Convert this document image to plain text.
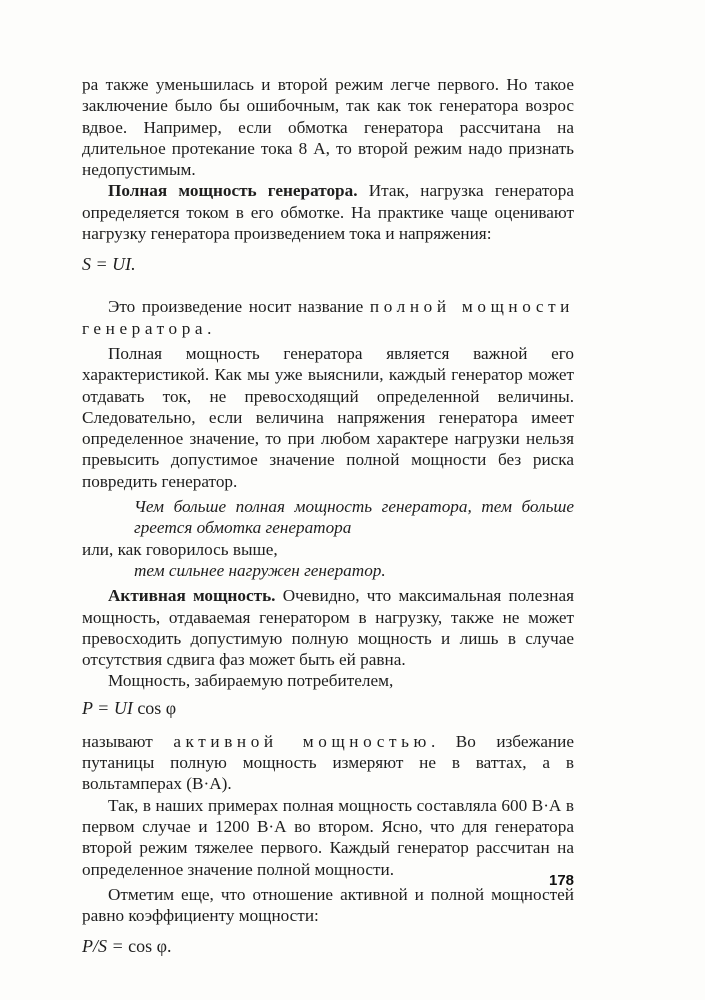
ра также уменьшилась и второй режим легче первого. Но такое заключение было бы ошибочным, так как ток генератора возрос вдвое. Например, если обмотка генератора рассчитана на длительное протекание тока 8 А, то второй режим надо признать недопустимым.

Полная мощность генератора. Итак, нагрузка генератора определяется током в его обмотке. На практике чаще оценивают нагрузку генератора произведением тока и напряжения:

S = UI.

Это произведение носит название полной мощности генератора.

Полная мощность генератора является важной его характеристикой. Как мы уже выяснили, каждый генератор может отдавать ток, не превосходящий определенной величины. Следовательно, если величина напряжения генератора имеет определенное значение, то при любом характере нагрузки нельзя превысить допустимое значение полной мощности без риска повредить генератор.

Чем больше полная мощность генератора, тем больше греется обмотка генератора

или, как говорилось выше,

тем сильнее нагружен генератор.

Активная мощность. Очевидно, что максимальная полезная мощность, отдаваемая генератором в нагрузку, также не может превосходить допустимую полную мощность и лишь в случае отсутствия сдвига фаз может быть ей равна.

Мощность, забираемую потребителем,

P = UI cos φ

называют активной мощностью. Во избежание путаницы полную мощность измеряют не в ваттах, а в вольтамперах (В·А).

Так, в наших примерах полная мощность составляла 600 В·А в первом случае и 1200 В·А во втором. Ясно, что для генератора второй режим тяжелее первого. Каждый генератор рассчитан на определенное значение полной мощности.

Отметим еще, что отношение активной и полной мощностей равно коэффициенту мощности:

P/S = cos φ.

178
